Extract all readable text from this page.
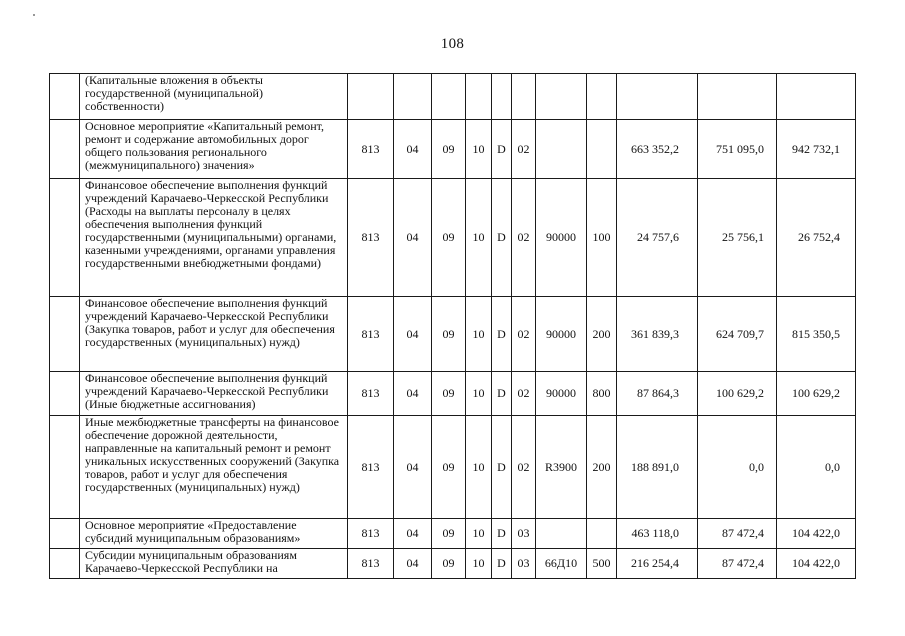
108
	(Капитальные вложения в объекты государственной (муниципальной) собственности)											
	Основное мероприятие «Капитальный ремонт, ремонт и содержание автомобильных дорог общего пользования регионального (межмуниципального) значения»	813	04	09	10	D	02			663 352,2	751 095,0	942 732,1
	Финансовое обеспечение выполнения функций учреждений Карачаево-Черкесской Республики (Расходы на выплаты персоналу в целях обеспечения выполнения функций государственными (муниципальными) органами, казенными учреждениями, органами управления государственными внебюджетными фондами)	813	04	09	10	D	02	90000	100	24 757,6	25 756,1	26 752,4
	Финансовое обеспечение выполнения функций учреждений Карачаево-Черкесской Республики (Закупка товаров, работ и услуг для обеспечения государственных (муниципальных) нужд)	813	04	09	10	D	02	90000	200	361 839,3	624 709,7	815 350,5
	Финансовое обеспечение выполнения функций учреждений Карачаево-Черкесской Республики (Иные бюджетные ассигнования)	813	04	09	10	D	02	90000	800	87 864,3	100 629,2	100 629,2
	Иные межбюджетные трансферты на финансовое обеспечение дорожной деятельности, направленные на капитальный ремонт и ремонт уникальных искусственных сооружений (Закупка товаров, работ и услуг для обеспечения государственных (муниципальных) нужд)	813	04	09	10	D	02	R3900	200	188 891,0	0,0	0,0
	Основное мероприятие «Предоставление субсидий муниципальным образованиям»	813	04	09	10	D	03			463 118,0	87 472,4	104 422,0
	Субсидии муниципальным образованиям Карачаево-Черкесской Республики на	813	04	09	10	D	03	66Д10	500	216 254,4	87 472,4	104 422,0
